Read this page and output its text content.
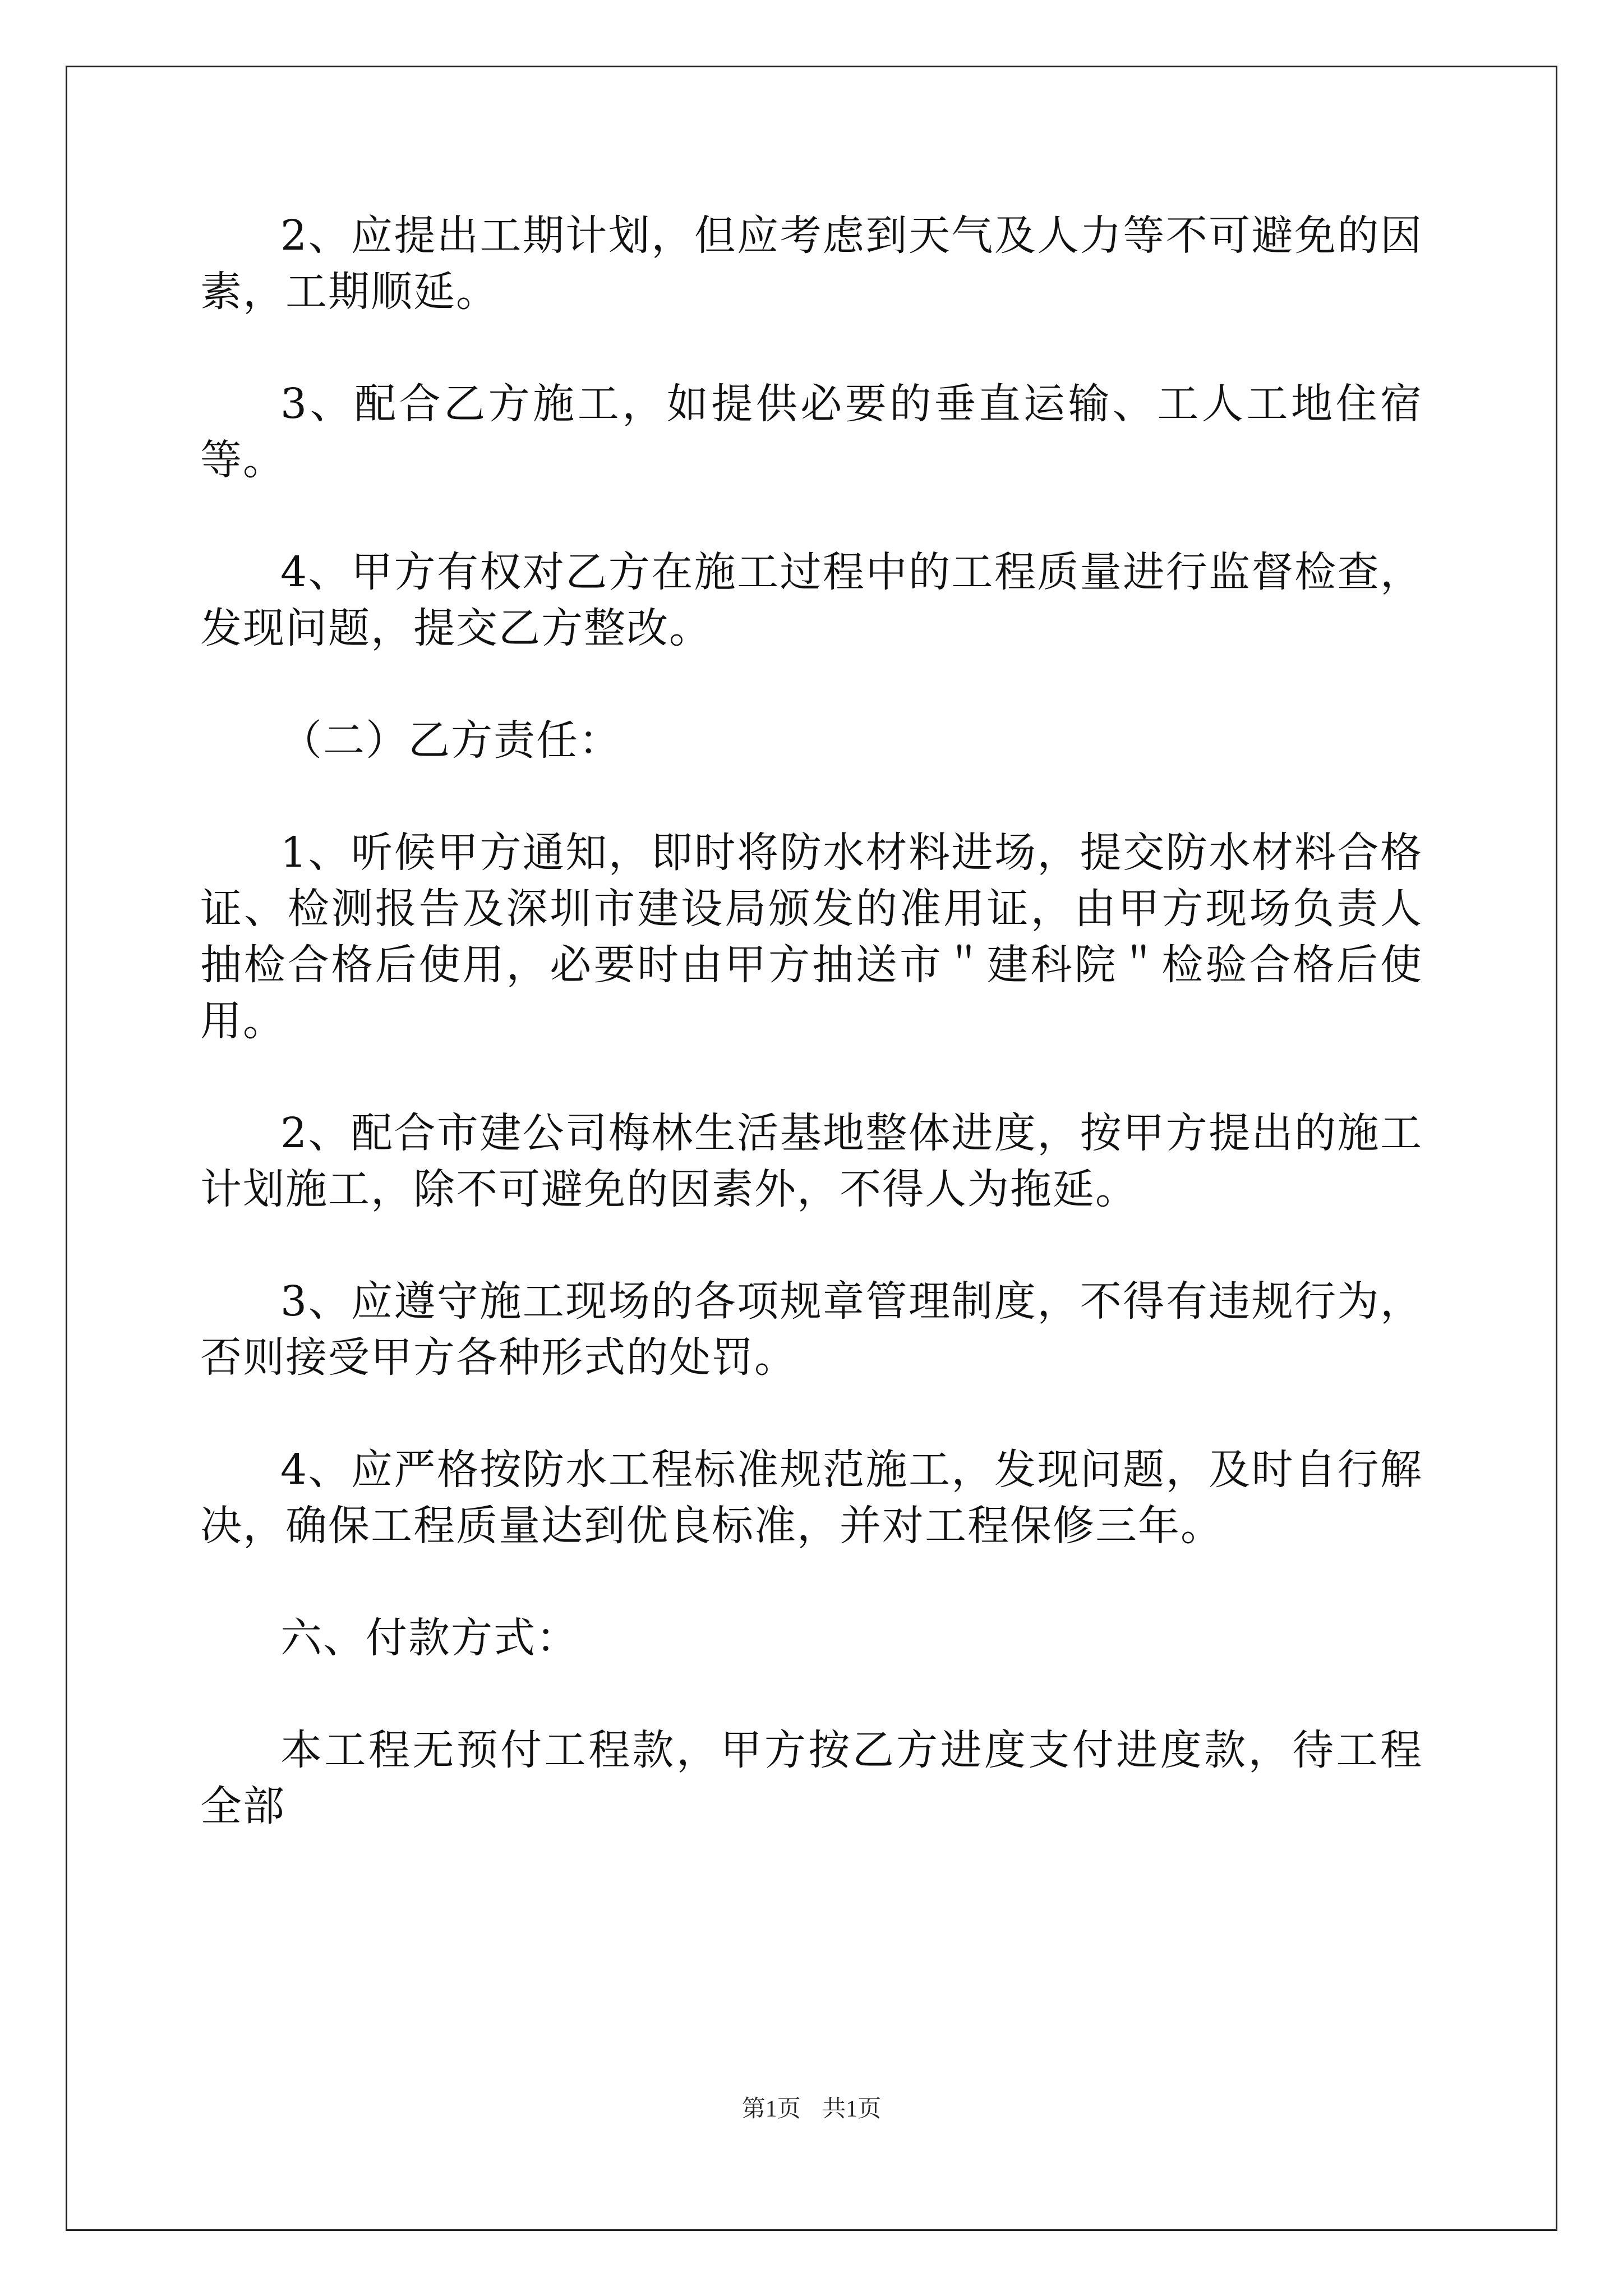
2、应提出工期计划，但应考虑到天气及人力等不可避免的因素，工期顺延。

3、配合乙方施工，如提供必要的垂直运输、工人工地住宿等。

4、甲方有权对乙方在施工过程中的工程质量进行监督检查，发现问题，提交乙方整改。

（二）乙方责任：

1、听候甲方通知，即时将防水材料进场，提交防水材料合格证、检测报告及深圳市建设局颁发的准用证，由甲方现场负责人抽检合格后使用，必要时由甲方抽送市＂建科院＂检验合格后使用。

2、配合市建公司梅林生活基地整体进度，按甲方提出的施工计划施工，除不可避免的因素外，不得人为拖延。

3、应遵守施工现场的各项规章管理制度，不得有违规行为，否则接受甲方各种形式的处罚。

4、应严格按防水工程标准规范施工，发现问题，及时自行解决，确保工程质量达到优良标准，并对工程保修三年。

六、付款方式：

本工程无预付工程款，甲方按乙方进度支付进度款，待工程全部

第1页 共1页
